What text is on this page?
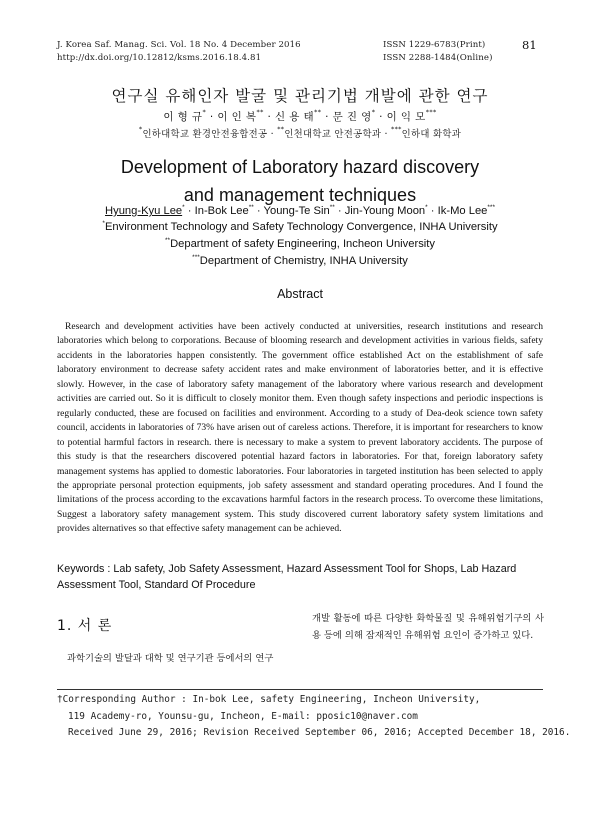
J. Korea Saf. Manag. Sci. Vol. 18 No. 4 December 2016
http://dx.doi.org/10.12812/ksms.2016.18.4.81
ISSN 1229-6783(Print)
ISSN 2288-1484(Online)
81
연구실 유해인자 발굴 및 관리기법 개발에 관한 연구
이 형 규* · 이 인 복** · 신 용 태** · 문 진 영* · 이 익 모***
*인하대학교 환경안전융합전공 · **인천대학교 안전공학과 · ***인하대 화학과
Development of Laboratory hazard discovery
and management techniques
Hyung-Kyu Lee* · In-Bok Lee** · Young-Te Sin** · Jin-Young Moon* · Ik-Mo Lee***
*Environment Technology and Safety Technology Convergence, INHA University
**Department of safety Engineering, Incheon University
***Department of Chemistry, INHA University
Abstract

Research and development activities have been actively conducted at universities, research institutions and research laboratories which belong to corporations. Because of blooming research and development activities in various fields, safety accidents in the laboratories happen consistently. The government office established Act on the establishment of safe laboratory environment to decrease safety accident rates and make environment of laboratories better, and it is effective slowly. However, in the case of laboratory safety management of the laboratory where various research and development activities are carried out. So it is difficult to closely monitor them. Even though safety inspections and periodic inspections is regularly conducted, these are focused on facilities and environment. According to a study of Dea-deok science town safety council, accidents in laboratories of 73% have arisen out of careless actions. Therefore, it is important for researchers to know to potential harmful factors in research. there is necessary to make a system to prevent laboratory accidents. The purpose of this study is that the researchers discovered potential hazard factors in laboratories. For that, foreign laboratory safety management systems has applied to domestic laboratories. Four laboratories in targeted institution has been selected to apply the appropriate personal protection equipments, job safety assessment and standard operating procedures. And I found the limitations of the process according to the excavations harmful factors in the research process. To overcome these limitations, Suggest a laboratory safety management system. This study discovered current laboratory safety system limitations and provides alternatives so that effective safety management can be achieved.

Keywords : Lab safety, Job Safety Assessment, Hazard Assessment Tool for Shops, Lab Hazard Assessment Tool, Standard Of Procedure

1. 서 론
과학기술의 발달과 대학 및 연구기관 등에서의 연구
개발 활동에 따른 다양한 화학물질 및 유해위험기구의 사용 등에 의해 잠재적인 유해위험 요인이 증가하고 있다.
†Corresponding Author : In-bok Lee, safety Engineering, Incheon University,
119 Academy-ro, Younsu-gu, Incheon, E-mail: pposic10@naver.com
Received June 29, 2016; Revision Received September 06, 2016; Accepted December 18, 2016.
